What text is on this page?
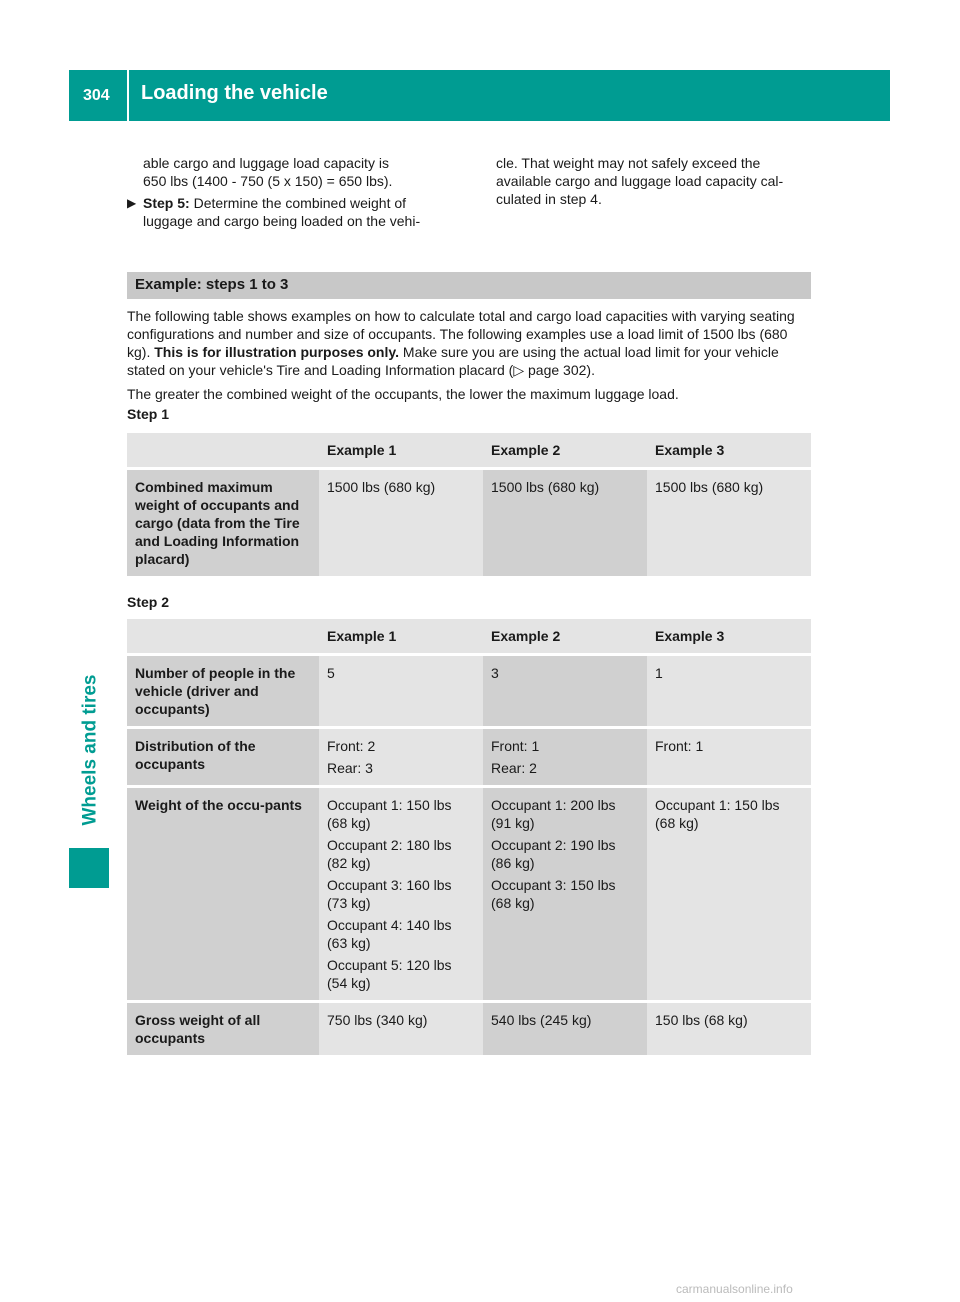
304 Loading the vehicle
Wheels and tires

able cargo and luggage load capacity is

650 lbs (1400 - 750 (5 x 150) = 650 lbs).

▶ Step 5: Determine the combined weight of

luggage and cargo being loaded on the vehi-

cle. That weight may not safely exceed the

available cargo and luggage load capacity cal-

culated in step 4.

Example: steps 1 to 3

The following table shows examples on how to calculate total and cargo load capacities with varying seating configurations and number and size of occupants. The following examples use a load limit of 1500 lbs (680 kg). This is for illustration purposes only. Make sure you are using the actual load limit for your vehicle stated on your vehicle's Tire and Loading Information placard (▷ page 302).

The greater the combined weight of the occupants, the lower the maximum luggage load.

Step 1
	Example 1	Example 2	Example 3
Combined maximum weight of occupants and cargo (data from the Tire and Loading Information placard)	1500 lbs (680 kg)	1500 lbs (680 kg)	1500 lbs (680 kg)
Step 2
	Example 1	Example 2	Example 3
Number of people in the vehicle (driver and occupants)	5	3	1

Distribution of the occupants	Front: 2
Rear: 3	Front: 1
Rear: 2	Front: 1

Weight of the occu-pants	Occupant 1: 150 lbs (68 kg)
Occupant 2: 180 lbs (82 kg)
Occupant 3: 160 lbs (73 kg)
Occupant 4: 140 lbs (63 kg)
Occupant 5: 120 lbs (54 kg)	Occupant 1: 200 lbs (91 kg)
Occupant 2: 190 lbs (86 kg)
Occupant 3: 150 lbs (68 kg)	Occupant 1: 150 lbs (68 kg)

Gross weight of all occupants	750 lbs (340 kg)	540 lbs (245 kg)	150 lbs (68 kg)
carmanualsonline.info
